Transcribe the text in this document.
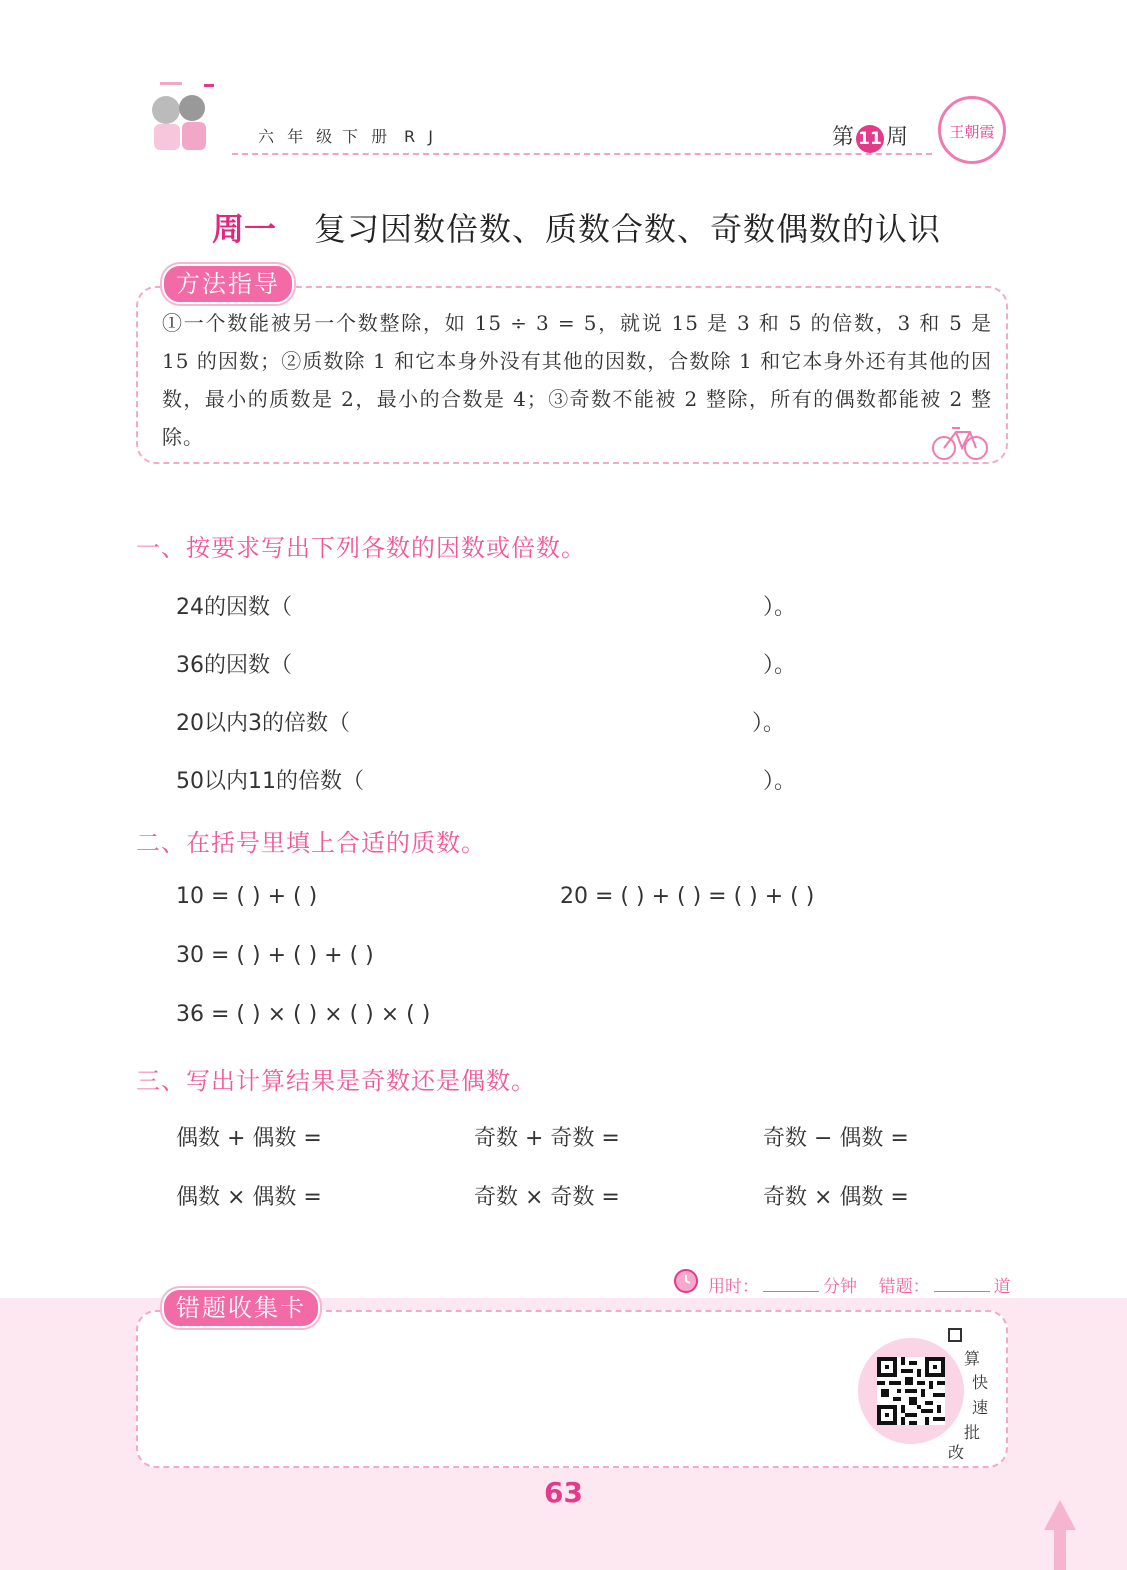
六 年 级 下 册 R J	第 11 周	王朝霞
周一 复习因数倍数、质数合数、奇数偶数的认识
方法指导
①一个数能被另一个数整除，如 15 ÷ 3 = 5，就说 15 是 3 和 5 的倍数，3 和 5 是 15 的因数；②质数除 1 和它本身外没有其他的因数，合数除 1 和它本身外还有其他的因数，最小的质数是 2，最小的合数是 4；③奇数不能被 2 整除，所有的偶数都能被 2 整除。
一、按要求写出下列各数的因数或倍数。
24的因数（	）。
36的因数（	）。
20以内3的倍数（	）。
50以内11的倍数（	）。
二、在括号里填上合适的质数。
10 = ( ) + ( )	20 = ( ) + ( ) = ( ) + ( )
30 = ( ) + ( ) + ( )
36 = ( ) × ( ) × ( ) × ( )
三、写出计算结果是奇数还是偶数。
偶数 + 偶数 =	奇数 + 奇数 =	奇数 − 偶数 =
偶数 × 偶数 =	奇数 × 奇数 =	奇数 × 偶数 =
用时：	分钟 错题：	道
错题收集卡
算
快
速
批
改
63
